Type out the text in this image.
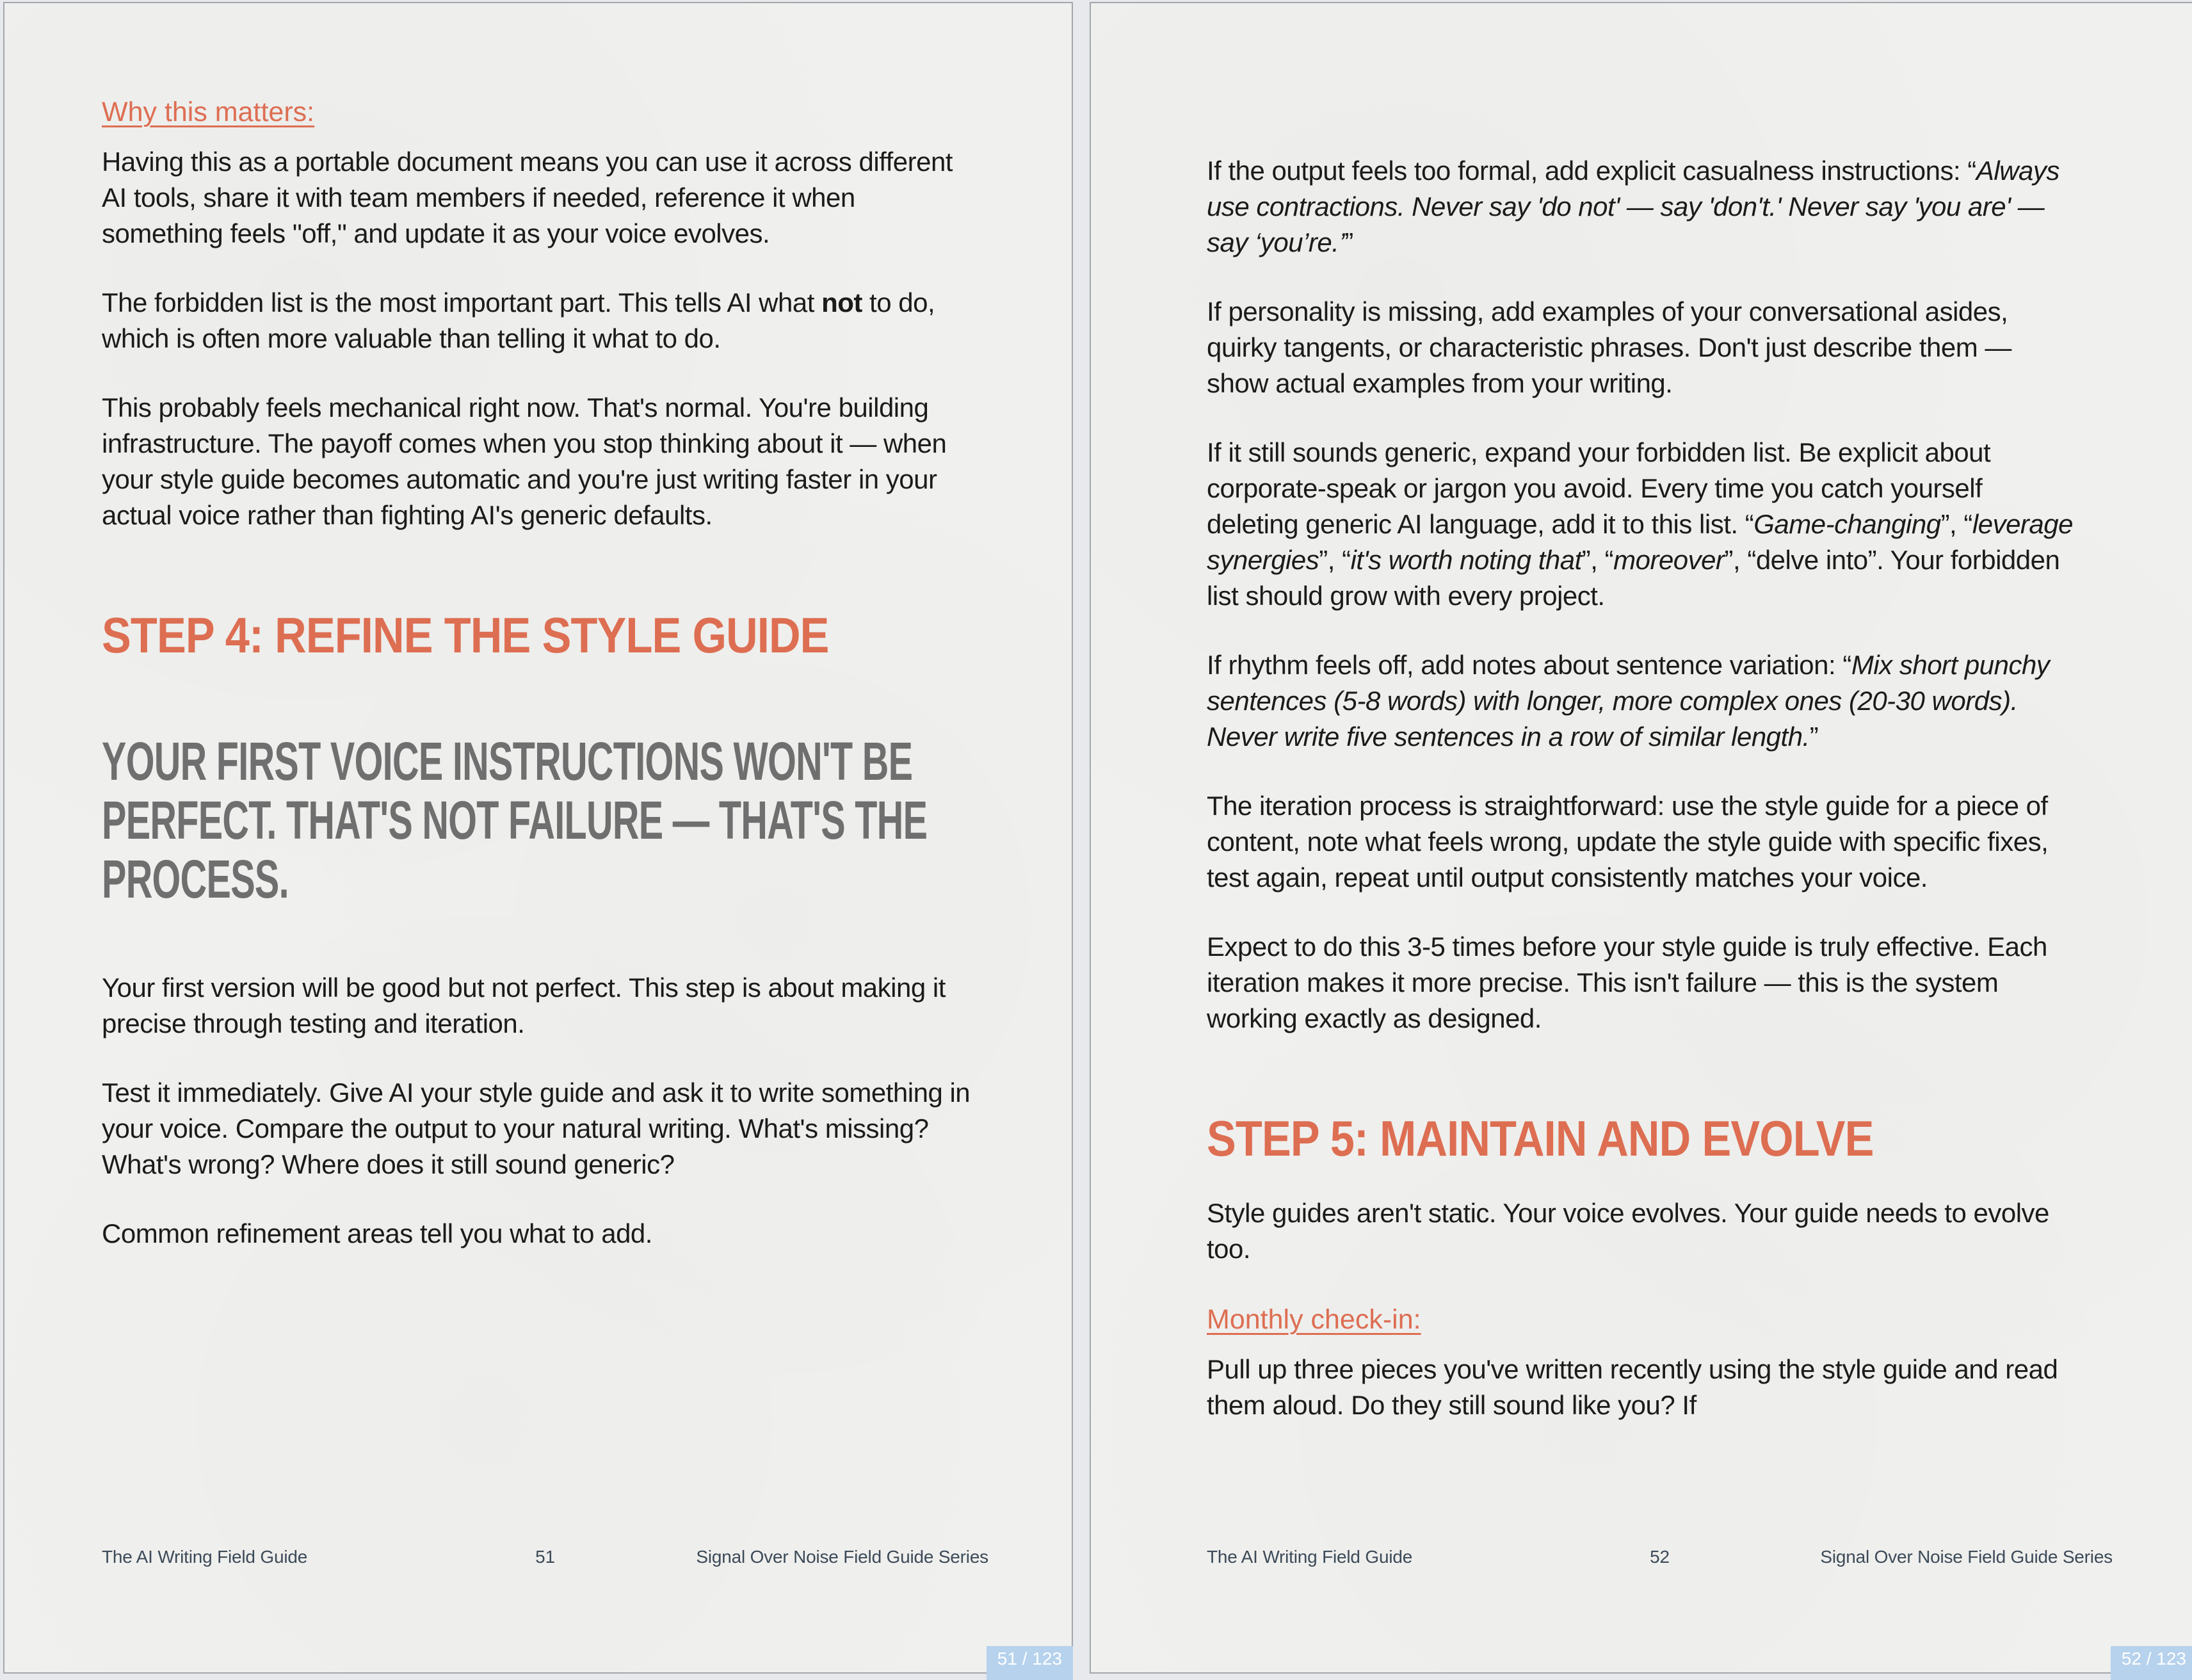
Why this matters:

Having this as a portable document means you can use it across different AI tools, share it with team members if needed, reference it when something feels "off," and update it as your voice evolves.

The forbidden list is the most important part. This tells AI what not to do, which is often more valuable than telling it what to do.

This probably feels mechanical right now. That's normal. You're building infrastructure. The payoff comes when you stop thinking about it — when your style guide becomes automatic and you're just writing faster in your actual voice rather than fighting AI's generic defaults.

STEP 4: REFINE THE STYLE GUIDE
YOUR FIRST VOICE INSTRUCTIONS WON'T BE PERFECT. THAT'S NOT FAILURE — THAT'S THE PROCESS.

Your first version will be good but not perfect. This step is about making it precise through testing and iteration.

Test it immediately. Give AI your style guide and ask it to write something in your voice. Compare the output to your natural writing. What's missing? What's wrong? Where does it still sound generic?

Common refinement areas tell you what to add.

The AI Writing Field Guide	51	Signal Over Noise Field Guide Series
51 / 123

If the output feels too formal, add explicit casualness instructions: “Always use contractions. Never say 'do not' — say 'don't.' Never say 'you are' — say ‘you’re.’”

If personality is missing, add examples of your conversational asides, quirky tangents, or characteristic phrases. Don't just describe them — show actual examples from your writing.

If it still sounds generic, expand your forbidden list. Be explicit about corporate-speak or jargon you avoid. Every time you catch yourself deleting generic AI language, add it to this list. “Game-changing”, “leverage synergies”, “it's worth noting that”, “moreover”, “delve into”. Your forbidden list should grow with every project.

If rhythm feels off, add notes about sentence variation: “Mix short punchy sentences (5-8 words) with longer, more complex ones (20-30 words). Never write five sentences in a row of similar length.”

The iteration process is straightforward: use the style guide for a piece of content, note what feels wrong, update the style guide with specific fixes, test again, repeat until output consistently matches your voice.

Expect to do this 3-5 times before your style guide is truly effective. Each iteration makes it more precise. This isn't failure — this is the system working exactly as designed.

STEP 5: MAINTAIN AND EVOLVE

Style guides aren't static. Your voice evolves. Your guide needs to evolve too.

Monthly check-in:

Pull up three pieces you've written recently using the style guide and read them aloud. Do they still sound like you? If

The AI Writing Field Guide	52	Signal Over Noise Field Guide Series
52 / 123
